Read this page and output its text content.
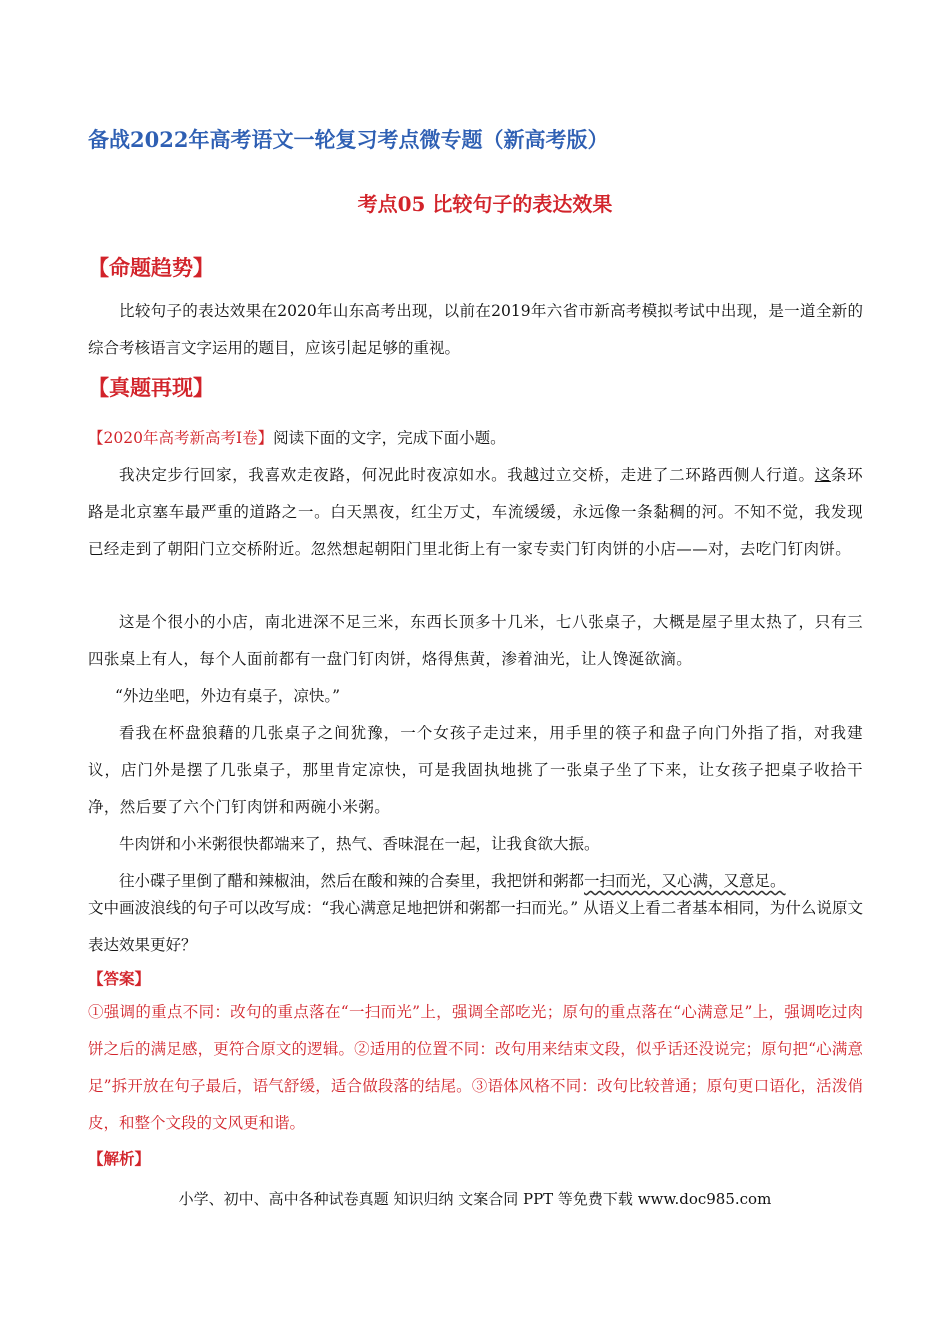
备战2022年高考语文一轮复习考点微专题（新高考版）
考点05 比较句子的表达效果
【命题趋势】
比较句子的表达效果在2020年山东高考出现，以前在2019年六省市新高考模拟考试中出现，是一道全新的综合考核语言文字运用的题目，应该引起足够的重视。
【真题再现】
【2020年高考新高考Ⅰ卷】阅读下面的文字，完成下面小题。
我决定步行回家，我喜欢走夜路，何况此时夜凉如水。我越过立交桥，走进了二环路西侧人行道。这条环路是北京塞车最严重的道路之一。白天黑夜，红尘万丈，车流缓缓，永远像一条黏稠的河。不知不觉，我发现已经走到了朝阳门立交桥附近。忽然想起朝阳门里北街上有一家专卖门钉肉饼的小店——对，去吃门钉肉饼。
这是个很小的小店，南北进深不足三米，东西长顶多十几米，七八张桌子，大概是屋子里太热了，只有三四张桌上有人，每个人面前都有一盘门钉肉饼，烙得焦黄，渗着油光，让人馋涎欲滴。
“外边坐吧，外边有桌子，凉快。”
看我在杯盘狼藉的几张桌子之间犹豫，一个女孩子走过来，用手里的筷子和盘子向门外指了指，对我建议，店门外是摆了几张桌子，那里肯定凉快，可是我固执地挑了一张桌子坐了下来，让女孩子把桌子收拾干净，然后要了六个门钉肉饼和两碗小米粥。
牛肉饼和小米粥很快都端来了，热气、香味混在一起，让我食欲大振。
往小碟子里倒了醋和辣椒油，然后在酸和辣的合奏里，我把饼和粥都一扫而光，又心满，又意足。
文中画波浪线的句子可以改写成：“我心满意足地把饼和粥都一扫而光。” 从语义上看二者基本相同，为什么说原文表达效果更好？
【答案】
①强调的重点不同：改句的重点落在“一扫而光”上，强调全部吃光；原句的重点落在“心满意足”上，强调吃过肉饼之后的满足感，更符合原文的逻辑。②适用的位置不同：改句用来结束文段，似乎话还没说完；原句把“心满意足”拆开放在句子最后，语气舒缓，适合做段落的结尾。③语体风格不同：改句比较普通；原句更口语化，活泼俏皮，和整个文段的文风更和谐。
【解析】
小学、初中、高中各种试卷真题 知识归纳 文案合同 PPT 等免费下载 www.doc985.com
